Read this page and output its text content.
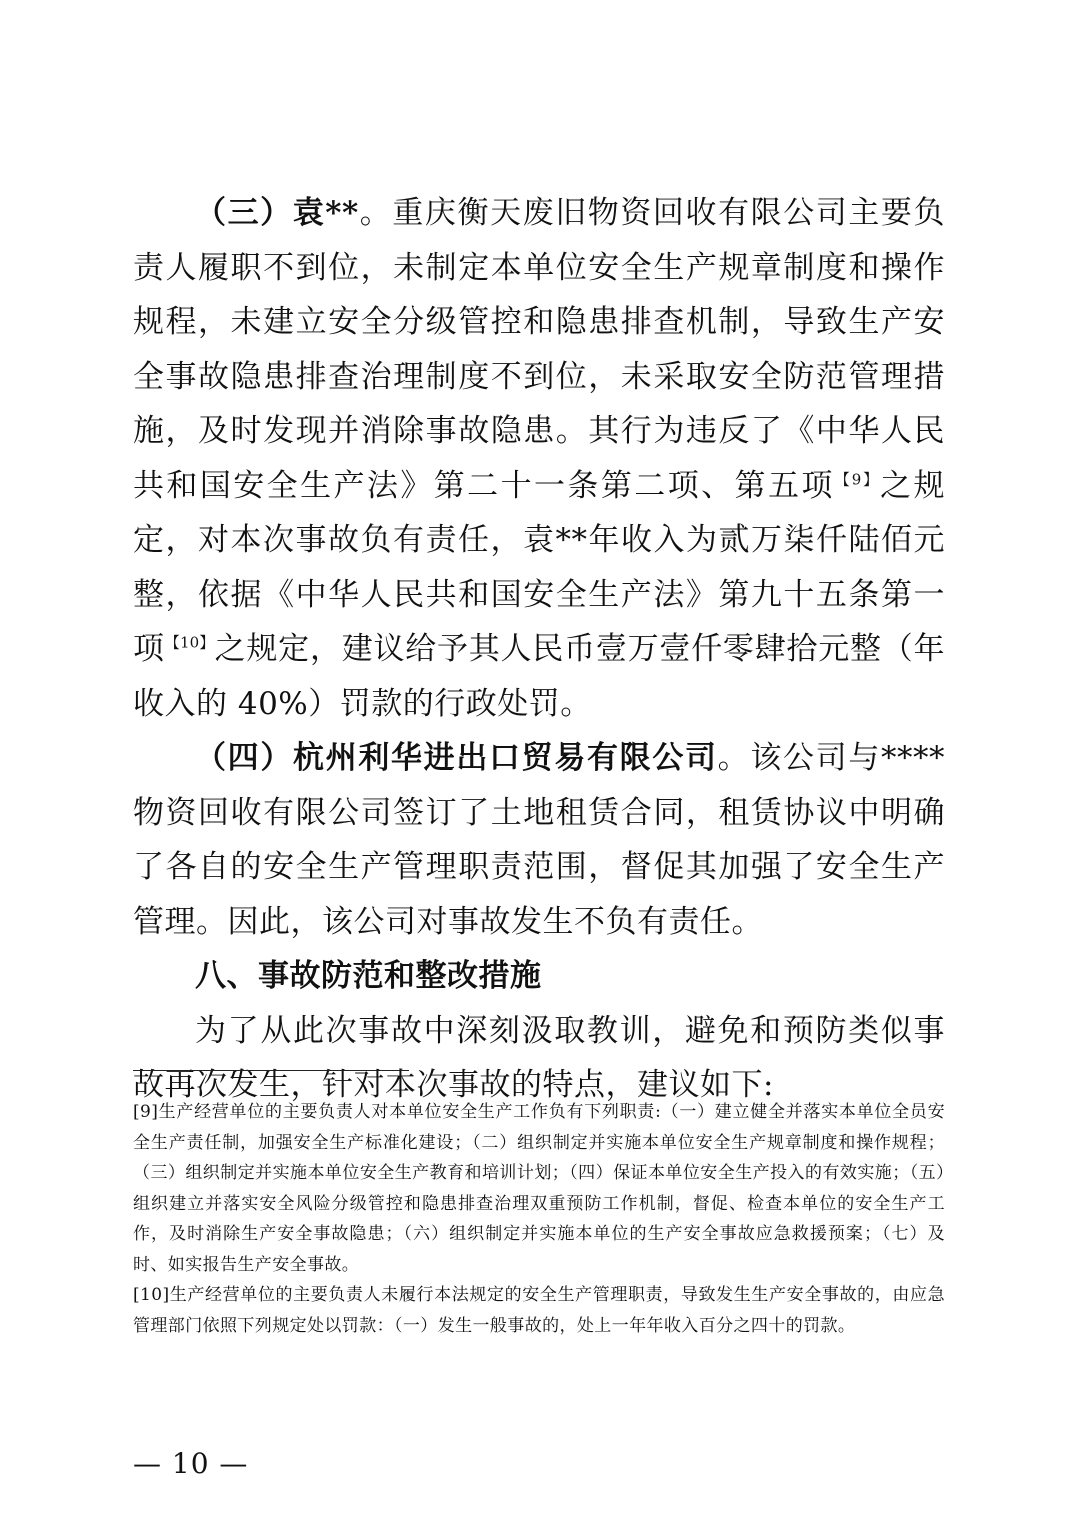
（三）袁**。重庆衡天废旧物资回收有限公司主要负责人履职不到位，未制定本单位安全生产规章制度和操作规程，未建立安全分级管控和隐患排查机制，导致生产安全事故隐患排查治理制度不到位，未采取安全防范管理措施，及时发现并消除事故隐患。其行为违反了《中华人民共和国安全生产法》第二十一条第二项、第五项$^{【9】}$之规定，对本次事故负有责任，袁**年收入为贰万柒仟陆佰元整，依据《中华人民共和国安全生产法》第九十五条第一项$^{【10】}$之规定，建议给予其人民币壹万壹仟零肆拾元整（年收入的 40%）罚款的行政处罚。

（四）杭州利华进出口贸易有限公司。该公司与****物资回收有限公司签订了土地租赁合同，租赁协议中明确了各自的安全生产管理职责范围，督促其加强了安全生产管理。因此，该公司对事故发生不负有责任。

八、事故防范和整改措施

为了从此次事故中深刻汲取教训，避免和预防类似事故再次发生，针对本次事故的特点，建议如下:

[9]生产经营单位的主要负责人对本单位安全生产工作负有下列职责:（一）建立健全并落实本单位全员安全生产责任制，加强安全生产标准化建设；（二）组织制定并实施本单位安全生产规章制度和操作规程；（三）组织制定并实施本单位安全生产教育和培训计划；（四）保证本单位安全生产投入的有效实施；（五）组织建立并落实安全风险分级管控和隐患排查治理双重预防工作机制，督促、检查本单位的安全生产工作，及时消除生产安全事故隐患；（六）组织制定并实施本单位的生产安全事故应急救援预案；（七）及时、如实报告生产安全事故。

[10]生产经营单位的主要负责人未履行本法规定的安全生产管理职责，导致发生生产安全事故的，由应急管理部门依照下列规定处以罚款：（一）发生一般事故的，处上一年年收入百分之四十的罚款。

— 10 —
